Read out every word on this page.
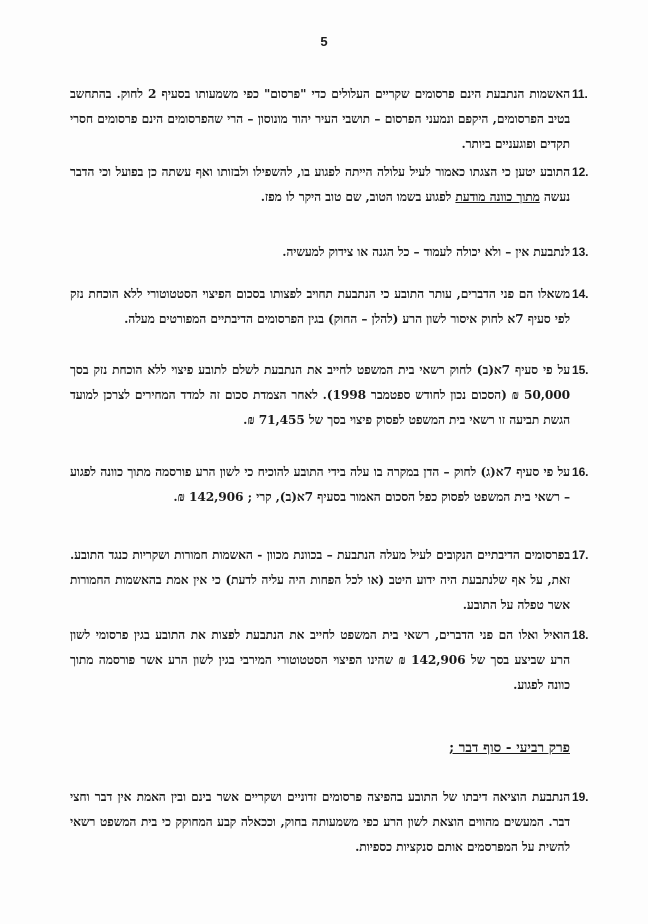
5
11.
האשמות הנתבעת הינם פרסומים שקריים העלולים כדי "פרסום" כפי משמעותו בסעיף 2 לחוק. בהתחשב בטיב הפרסומים, היקפם ונמעני הפרסום – תושבי העיר יהוד מונוסון – הרי שהפרסומים הינם פרסומים חסרי תקדים ופוגעניים ביותר.
12.
התובע יטען כי הצגתו כאמור לעיל עלולה הייתה לפגוע בו, להשפילו ולבזותו ואף עשתה כן בפועל וכי הדבר נעשה מתוך כוונה מודעת לפגוע בשמו הטוב, שם טוב היקר לו מפז.
13.
לנתבעת אין – ולא יכולה לעמוד – כל הגנה או צידוק למעשיה.
14.
משאלו הם פני הדברים, עותר התובע כי הנתבעת תחויב לפצותו בסכום הפיצוי הסטטוטורי ללא הוכחת נזק לפי סעיף 7א לחוק איסור לשון הרע (להלן – החוק) בגין הפרסומים הדיבתיים המפורטים מעלה.
15.
על פי סעיף 7א(ב) לחוק רשאי בית המשפט לחייב את הנתבעת לשלם לתובע פיצוי ללא הוכחת נזק בסך 50,000 ₪ (הסכום נכון לחודש ספטמבר 1998). לאחר הצמדת סכום זה למדד המחירים לצרכן למועד הגשת תביעה זו רשאי בית המשפט לפסוק פיצוי בסך של 71,455 ₪.
16.
על פי סעיף 7א(ג) לחוק – הדן במקרה בו עלה בידי התובע להוכיח כי לשון הרע פורסמה מתוך כוונה לפגוע – רשאי בית המשפט לפסוק כפל הסכום האמור בסעיף 7א(ב), קרי ; 142,906 ₪.
17.
בפרסומים הדיבתיים הנקובים לעיל מעלה הנתבעת – בכוונת מכוון - האשמות חמורות ושקריות כנגד התובע. זאת, על אף שלנתבעת היה ידוע היטב (או לכל הפחות היה עליה לדעת) כי אין אמת בהאשמות החמורות אשר טפלה על התובע.
18.
הואיל ואלו הם פני הדברים, רשאי בית המשפט לחייב את הנתבעת לפצות את התובע בגין פרסומי לשון הרע שביצע בסך של 142,906 ₪ שהינו הפיצוי הסטטוטורי המירבי בגין לשון הרע אשר פורסמה מתוך כוונה לפגוע.
פרק רביעי - סוף דבר ;
19.
הנתבעת הוציאה דיבתו של התובע בהפיצה פרסומים זדוניים ושקריים אשר בינם ובין האמת אין דבר וחצי דבר. המעשים מהווים הוצאת לשון הרע כפי משמעותה בחוק, וככאלה קבע המחוקק כי בית המשפט רשאי להשית על המפרסמים אותם סנקציות כספיות.
